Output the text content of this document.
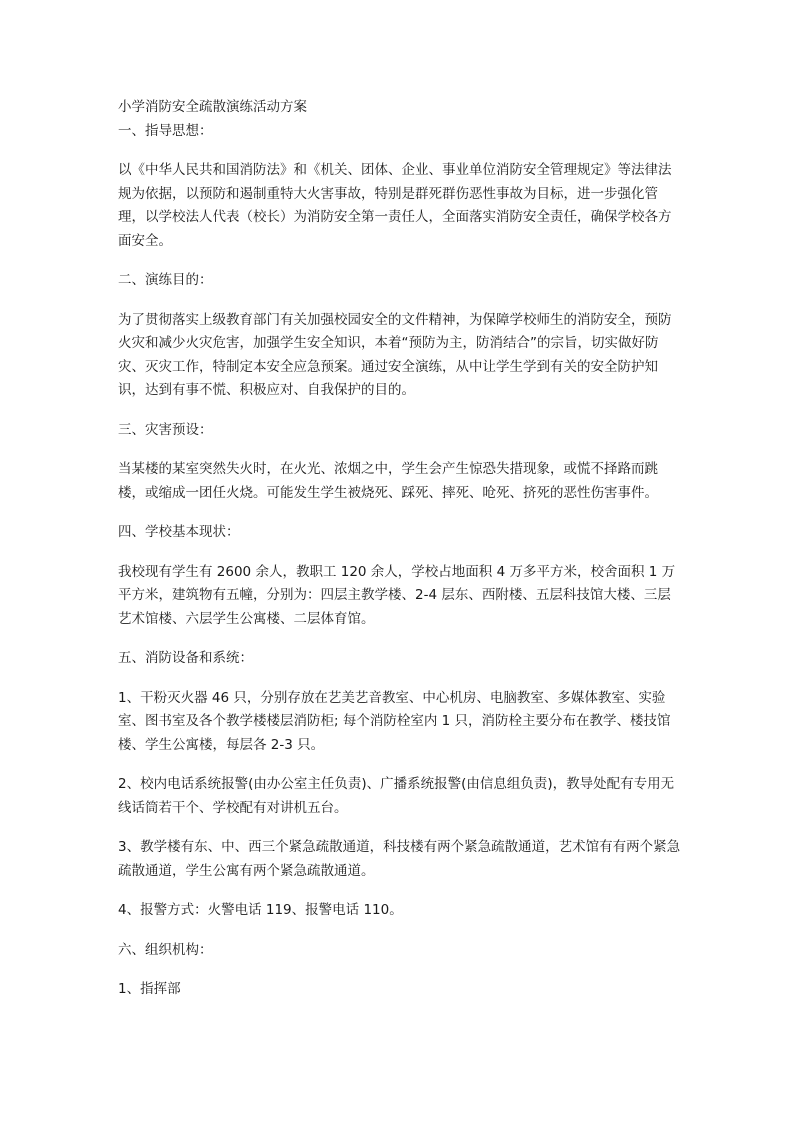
小学消防安全疏散演练活动方案

一、指导思想：

以《中华人民共和国消防法》和《机关、团体、企业、事业单位消防安全管理规定》等法律法规为依据，以预防和遏制重特大火害事故，特别是群死群伤恶性事故为目标，进一步强化管理，以学校法人代表（校长）为消防安全第一责任人，全面落实消防安全责任，确保学校各方面安全。

二、演练目的：

为了贯彻落实上级教育部门有关加强校园安全的文件精神，为保障学校师生的消防安全，预防火灾和减少火灾危害，加强学生安全知识，本着“预防为主，防消结合”的宗旨，切实做好防灾、灭灾工作，特制定本安全应急预案。通过安全演练，从中让学生学到有关的安全防护知识，达到有事不慌、积极应对、自我保护的目的。

三、灾害预设：

当某楼的某室突然失火时，在火光、浓烟之中，学生会产生惊恐失措现象，或慌不择路而跳楼，或缩成一团任火烧。可能发生学生被烧死、踩死、摔死、呛死、挤死的恶性伤害事件。

四、学校基本现状：

我校现有学生有 2600 余人，教职工 120 余人，学校占地面积 4 万多平方米，校舍面积 1 万平方米，建筑物有五幢，分别为：四层主教学楼、2-4 层东、西附楼、五层科技馆大楼、三层艺术馆楼、六层学生公寓楼、二层体育馆。

五、消防设备和系统：

1、干粉灭火器 46 只，分别存放在艺美艺音教室、中心机房、电脑教室、多媒体教室、实验室、图书室及各个教学楼楼层消防柜; 每个消防栓室内 1 只，消防栓主要分布在教学、楼技馆楼、学生公寓楼，每层各 2-3 只。

2、校内电话系统报警(由办公室主任负责)、广播系统报警(由信息组负责)，教导处配有专用无线话筒若干个、学校配有对讲机五台。

3、教学楼有东、中、西三个紧急疏散通道，科技楼有两个紧急疏散通道，艺术馆有有两个紧急疏散通道，学生公寓有两个紧急疏散通道。

4、报警方式：火警电话 119、报警电话 110。

六、组织机构：

1、指挥部
